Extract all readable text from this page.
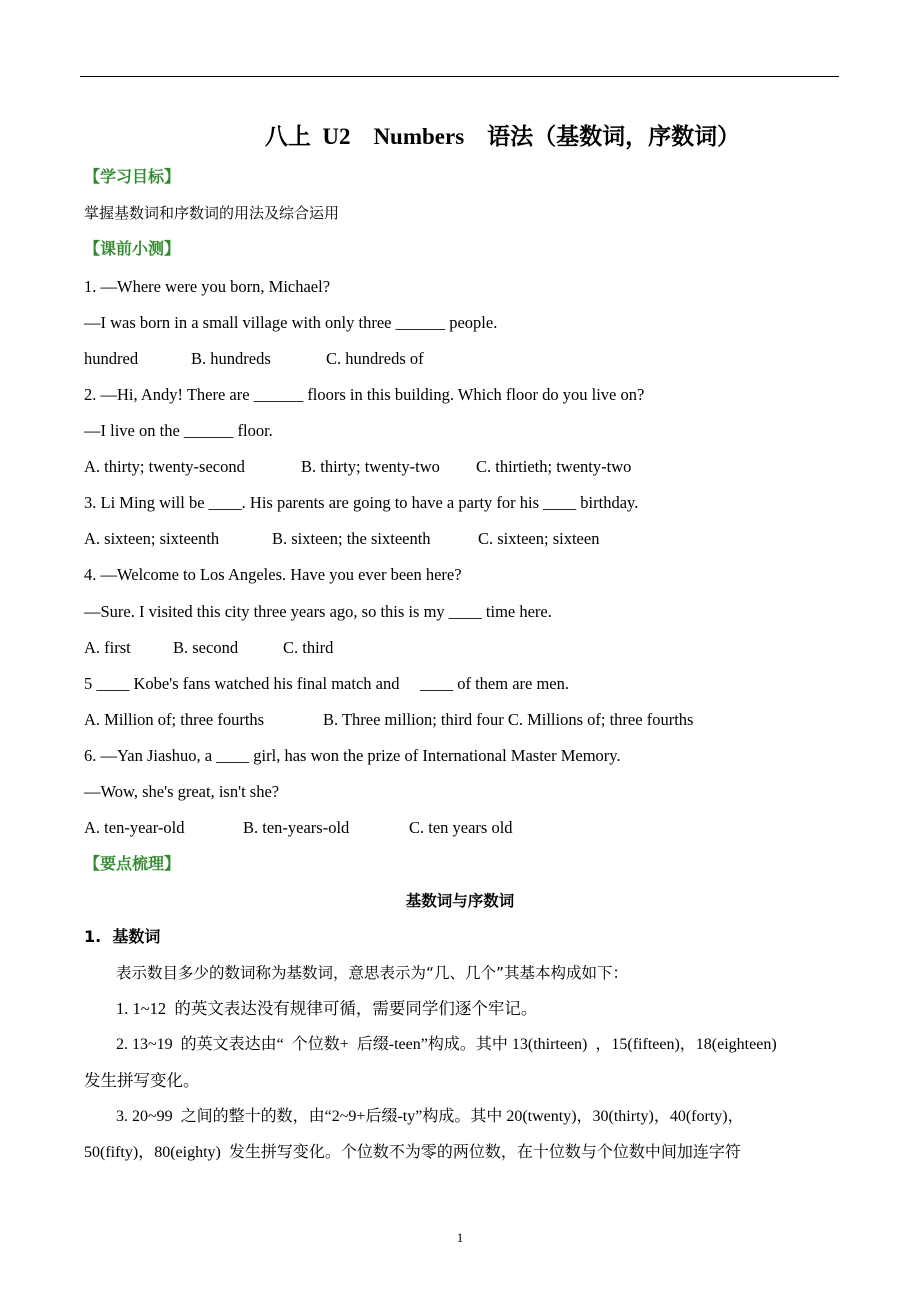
八上  U2    Numbers    语法（基数词，序数词）
【学习目标】
掌握基数词和序数词的用法及综合运用
【课前小测】
1. —Where were you born, Michael?
—I was born in a small village with only three ______ people.
hundred	B. hundreds	C. hundreds of
2. —Hi, Andy! There are ______ floors in this building. Which floor do you live on?
—I live on the ______ floor.
A. thirty; twenty-second	B. thirty; twenty-two C. thirtieth; twenty-two
3. Li Ming will be ____. His parents are going to have a party for his ____ birthday.
A. sixteen; sixteenth	B. sixteen; the sixteenth	C. sixteen; sixteen
4. —Welcome to Los Angeles. Have you ever been here?
—Sure. I visited this city three years ago, so this is my ____ time here.
A. first	B. second	C. third
5 ____ Kobe's fans watched his final match and     ____ of them are men.
A. Million of; three fourths	B. Three million; third four C. Millions of; three fourths
6. —Yan Jiashuo, a ____ girl, has won the prize of International Master Memory.
—Wow, she's great, isn't she?
A. ten-year-old	B. ten-years-old	C. ten years old
【要点梳理】
基数词与序数词
1.  基数词
表示数目多少的数词称为基数词，意思表示为“几、几个”其基本构成如下：
1. 1~12  的英文表达没有规律可循，需要同学们逐个牢记。
2. 13~19  的英文表达由“  个位数+  后缀-teen”构成。其中 13(thirteen)  ，15(fifteen)，18(eighteen)
发生拼写变化。
3. 20~99  之间的整十的数，由“2~9+后缀-ty”构成。其中 20(twenty)，30(thirty)，40(forty)，
50(fifty)，80(eighty)  发生拼写变化。个位数不为零的两位数，在十位数与个位数中间加连字符
1
